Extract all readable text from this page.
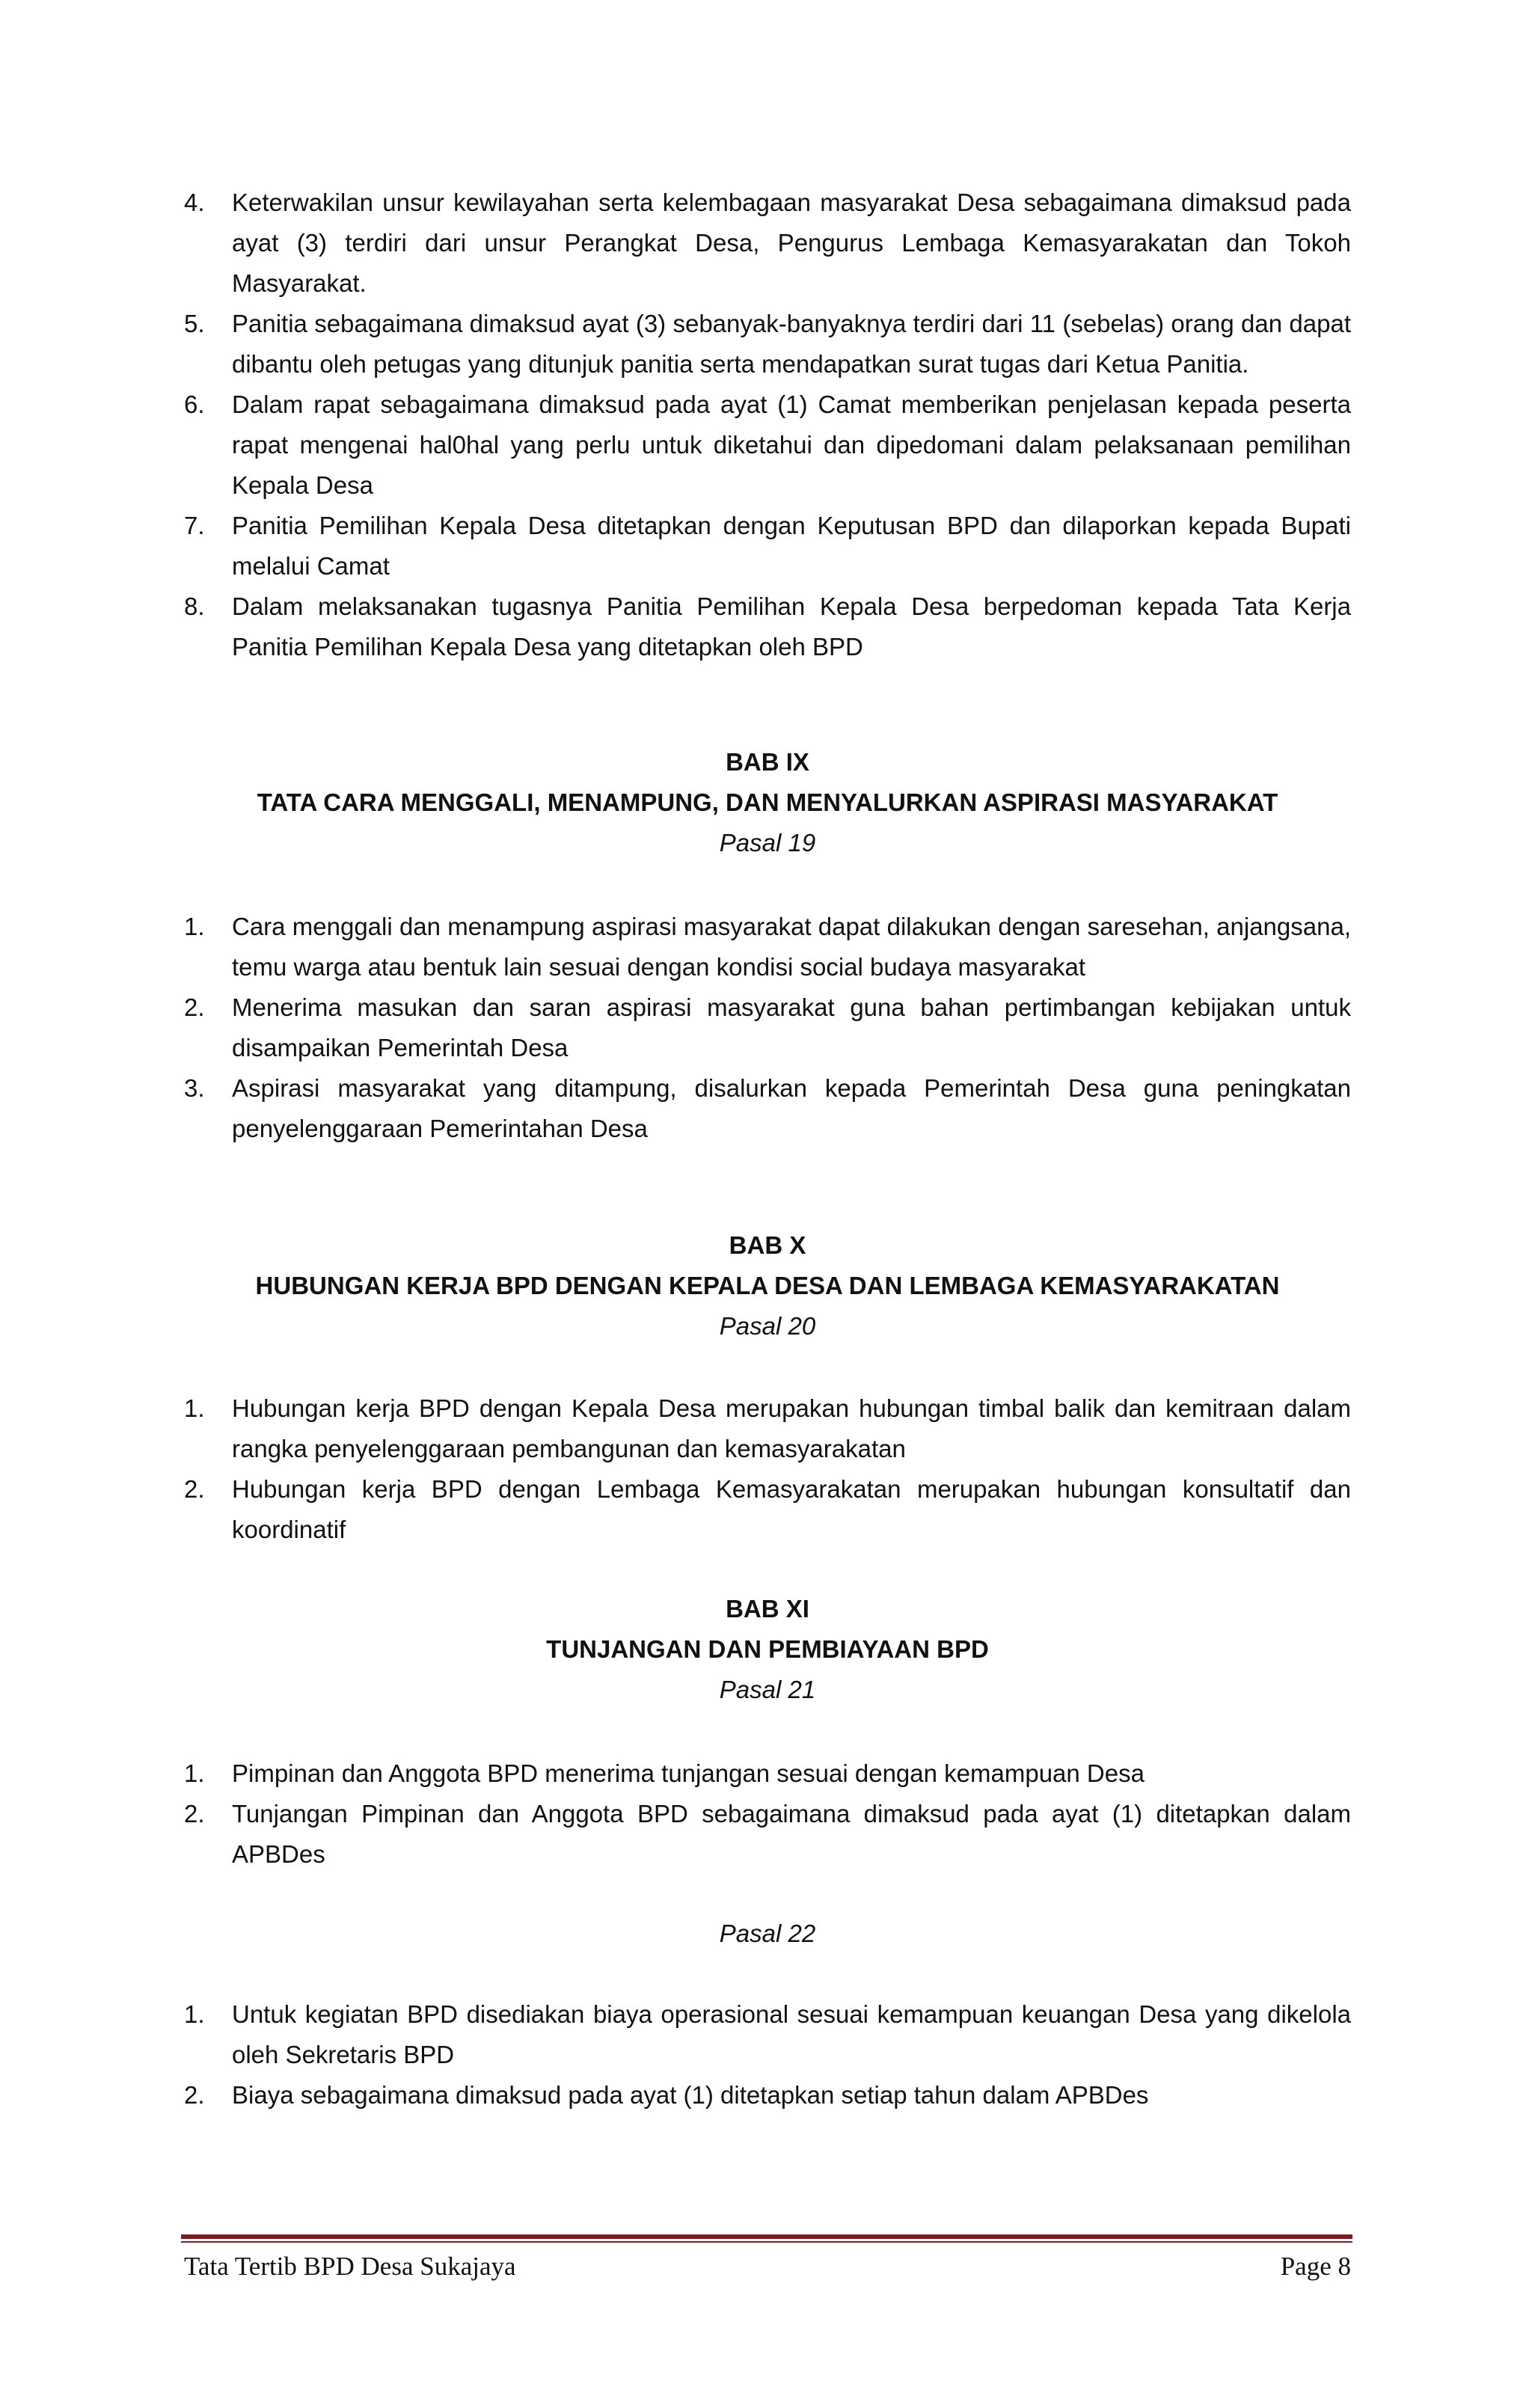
4.	Keterwakilan unsur kewilayahan serta kelembagaan masyarakat Desa sebagaimana dimaksud pada ayat (3) terdiri dari unsur Perangkat Desa, Pengurus Lembaga Kemasyarakatan dan Tokoh Masyarakat.
5.	Panitia sebagaimana dimaksud ayat (3) sebanyak-banyaknya terdiri dari 11 (sebelas) orang dan dapat dibantu oleh petugas yang ditunjuk panitia serta mendapatkan surat tugas dari Ketua Panitia.
6.	Dalam rapat sebagaimana dimaksud pada ayat (1) Camat memberikan penjelasan kepada peserta rapat mengenai hal0hal yang perlu untuk diketahui dan dipedomani dalam pelaksanaan pemilihan Kepala Desa
7.	Panitia Pemilihan Kepala Desa ditetapkan dengan Keputusan BPD dan dilaporkan kepada Bupati melalui Camat
8.	Dalam melaksanakan tugasnya Panitia Pemilihan Kepala Desa berpedoman kepada Tata Kerja Panitia Pemilihan Kepala Desa yang ditetapkan oleh BPD
BAB IX
TATA CARA MENGGALI, MENAMPUNG, DAN MENYALURKAN ASPIRASI MASYARAKAT
Pasal 19
1.	Cara menggali dan menampung aspirasi masyarakat dapat dilakukan dengan saresehan, anjangsana, temu warga atau bentuk lain sesuai dengan kondisi social budaya masyarakat
2.	Menerima masukan dan saran aspirasi masyarakat guna bahan pertimbangan kebijakan untuk disampaikan Pemerintah Desa
3.	Aspirasi masyarakat yang ditampung, disalurkan kepada Pemerintah Desa guna peningkatan penyelenggaraan Pemerintahan Desa
BAB X
HUBUNGAN KERJA BPD DENGAN KEPALA DESA DAN LEMBAGA KEMASYARAKATAN
Pasal 20
1.	Hubungan kerja BPD dengan Kepala Desa merupakan hubungan timbal balik dan kemitraan dalam rangka penyelenggaraan pembangunan dan kemasyarakatan
2.	Hubungan kerja BPD dengan Lembaga Kemasyarakatan merupakan hubungan konsultatif dan koordinatif
BAB XI
TUNJANGAN DAN PEMBIAYAAN BPD
Pasal 21
1.	Pimpinan dan Anggota BPD menerima tunjangan sesuai dengan kemampuan Desa
2.	Tunjangan Pimpinan dan Anggota BPD sebagaimana dimaksud pada ayat (1) ditetapkan dalam APBDes
Pasal 22
1.	Untuk kegiatan BPD disediakan biaya operasional sesuai kemampuan keuangan Desa yang dikelola oleh Sekretaris BPD
2.	Biaya sebagaimana dimaksud pada ayat (1) ditetapkan setiap tahun dalam APBDes
Tata Tertib BPD Desa Sukajaya	Page 8
